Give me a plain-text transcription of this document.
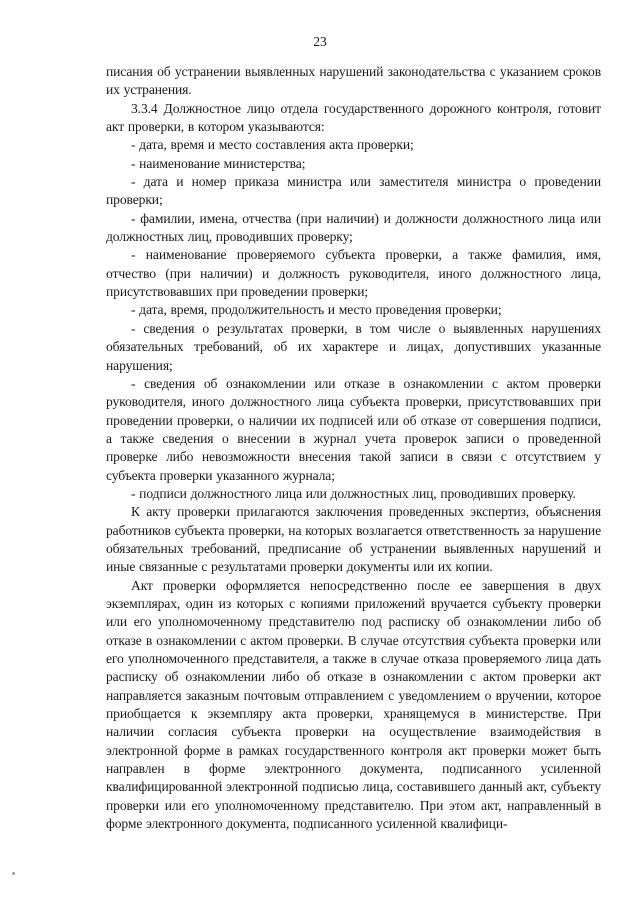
23

писания об устранении выявленных нарушений законодательства с указанием сроков их устранения.

3.3.4 Должностное лицо отдела государственного дорожного контроля, готовит акт проверки, в котором указываются:

- дата, время и место составления акта проверки;

- наименование министерства;

- дата и номер приказа министра или заместителя министра о проведении проверки;

- фамилии, имена, отчества (при наличии) и должности должностного лица или должностных лиц, проводивших проверку;

- наименование проверяемого субъекта проверки, а также фамилия, имя, отчество (при наличии) и должность руководителя, иного должностного лица, присутствовавших при проведении проверки;

- дата, время, продолжительность и место проведения проверки;

- сведения о результатах проверки, в том числе о выявленных нарушениях обязательных требований, об их характере и лицах, допустивших указанные нарушения;

- сведения об ознакомлении или отказе в ознакомлении с актом проверки руководителя, иного должностного лица субъекта проверки, присутствовавших при проведении проверки, о наличии их подписей или об отказе от совершения подписи, а также сведения о внесении в журнал учета проверок записи о проведенной проверке либо невозможности внесения такой записи в связи с отсутствием у субъекта проверки указанного журнала;

- подписи должностного лица или должностных лиц, проводивших проверку.

К акту проверки прилагаются заключения проведенных экспертиз, объяснения работников субъекта проверки, на которых возлагается ответственность за нарушение обязательных требований, предписание об устранении выявленных нарушений и иные связанные с результатами проверки документы или их копии.

Акт проверки оформляется непосредственно после ее завершения в двух экземплярах, один из которых с копиями приложений вручается субъекту проверки или его уполномоченному представителю под расписку об ознакомлении либо об отказе в ознакомлении с актом проверки. В случае отсутствия субъекта проверки или его уполномоченного представителя, а также в случае отказа проверяемого лица дать расписку об ознакомлении либо об отказе в ознакомлении с актом проверки акт направляется заказным почтовым отправлением с уведомлением о вручении, которое приобщается к экземпляру акта проверки, хранящемуся в министерстве. При наличии согласия субъекта проверки на осуществление взаимодействия в электронной форме в рамках государственного контроля акт проверки может быть направлен в форме электронного документа, подписанного усиленной квалифицированной электронной подписью лица, составившего данный акт, субъекту проверки или его уполномоченному представителю. При этом акт, направленный в форме электронного документа, подписанного усиленной квалифици-
